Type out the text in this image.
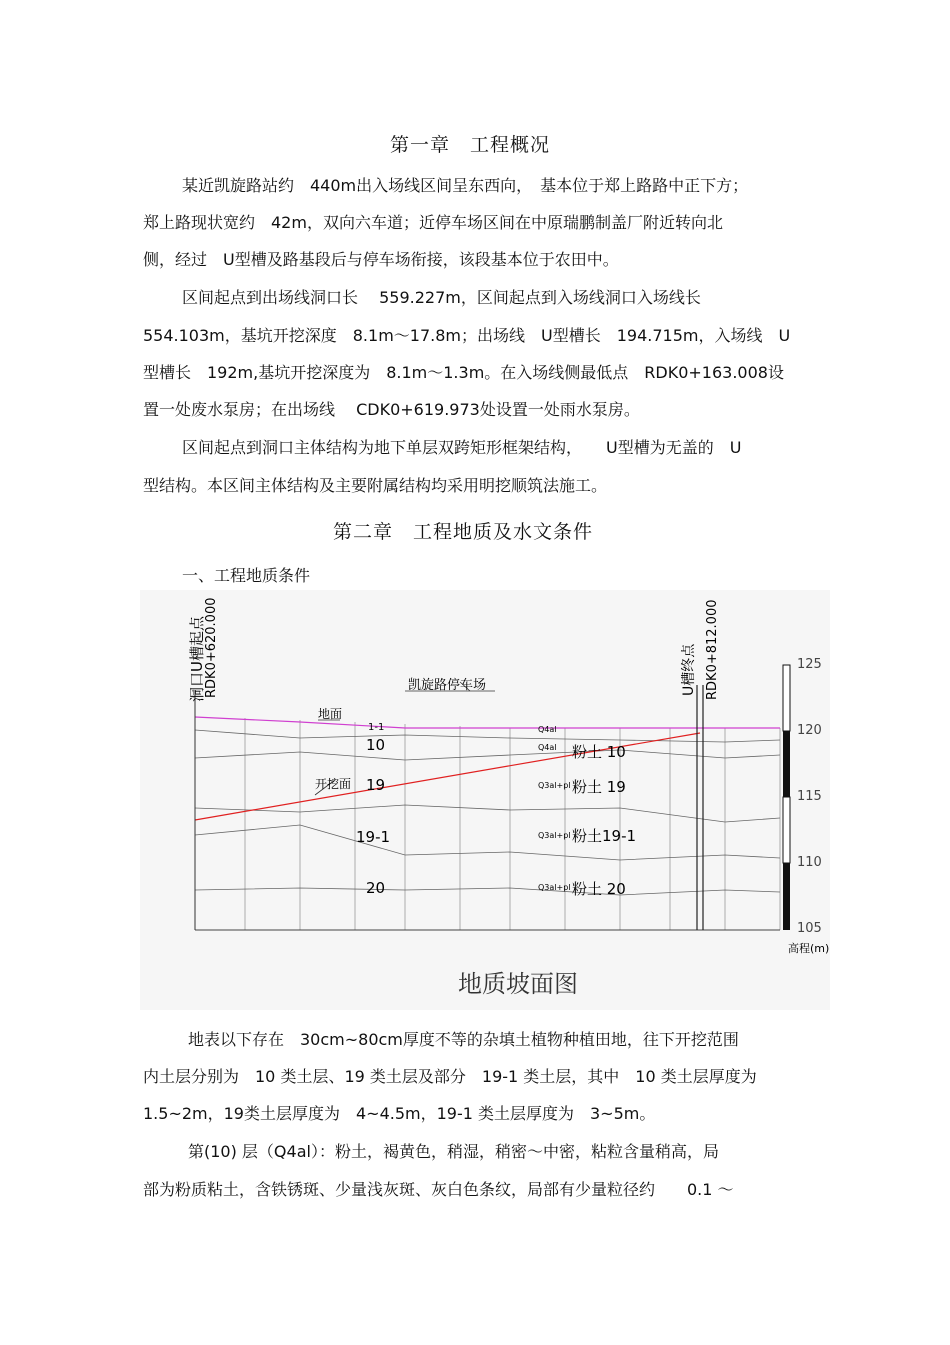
第一章　工程概况
某近凯旋路站约　440m出入场线区间呈东西向，　基本位于郑上路路中正下方；
郑上路现状宽约　42m，双向六车道；近停车场区间在中原瑞鹏制盖厂附近转向北
侧，经过　U型槽及路基段后与停车场衔接，该段基本位于农田中。
区间起点到出场线洞口长　 559.227m，区间起点到入场线洞口入场线长
554.103m，基坑开挖深度　8.1m～17.8m；出场线　U型槽长　194.715m，入场线　U
型槽长　192m,基坑开挖深度为　8.1m～1.3m。在入场线侧最低点　RDK0+163.008设
置一处废水泵房；在出场线　 CDK0+619.973处设置一处雨水泵房。
区间起点到洞口主体结构为地下单层双跨矩形框架结构，　　U型槽为无盖的　U
型结构。本区间主体结构及主要附属结构均采用明挖顺筑法施工。
第二章　工程地质及水文条件
一、工程地质条件
洞口U槽起点
RDK0+620.000	U槽终点 RDK0+812.000
凯旋路停车场
地面
开挖面
1-1
10
19
19-1
20
Q4al
Q4al
Q3al+pl
Q3al+pl
Q3al+pl
粉土 10
粉土 19
粉土19-1
粉土 20
125
120
115
110
105
高程(m)
地质坡面图
地表以下存在　30cm~80cm厚度不等的杂填土植物种植田地，往下开挖范围
内土层分别为　10 类土层、19 类土层及部分　19-1 类土层，其中　10 类土层厚度为
1.5~2m，19类土层厚度为　4~4.5m，19-1 类土层厚度为　3~5m。
第(10) 层（Q4al）：粉土，褐黄色，稍湿，稍密～中密，粘粒含量稍高，局
部为粉质粘土，含铁锈斑、少量浅灰斑、灰白色条纹，局部有少量粒径约　　0.1 ～
